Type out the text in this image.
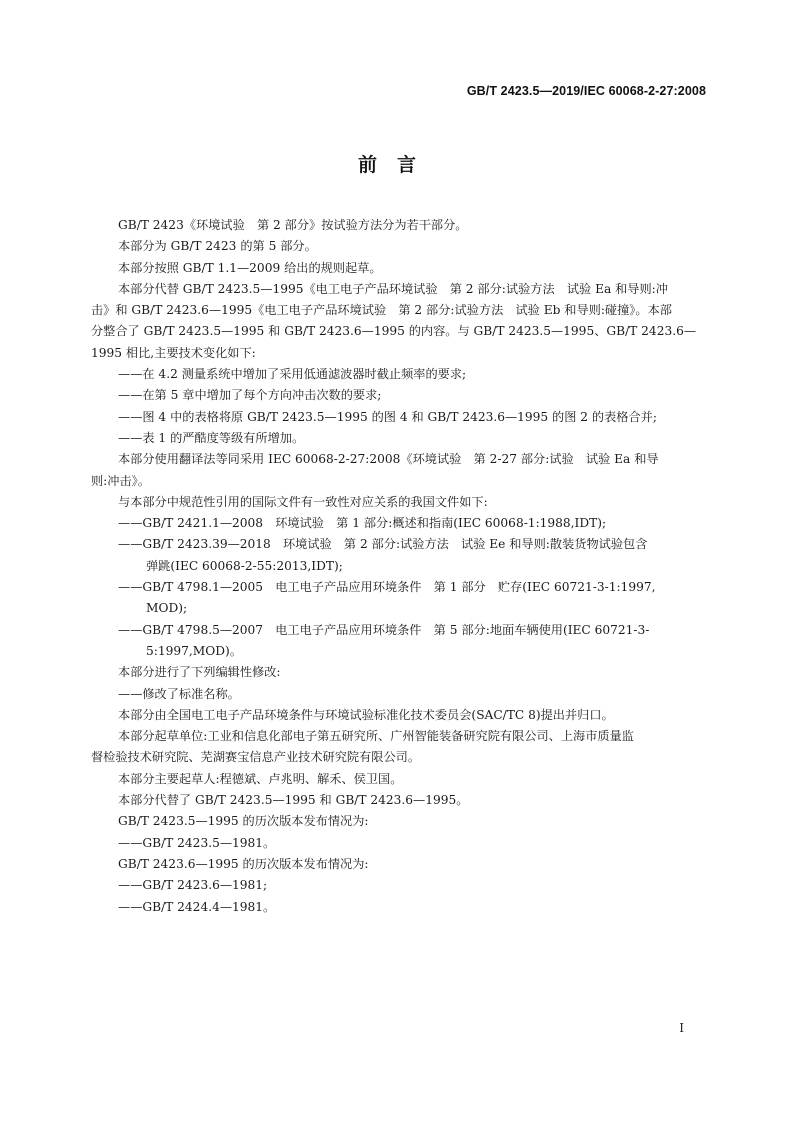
GB/T 2423.5—2019/IEC 60068-2-27:2008
前言
GB/T 2423《环境试验　第 2 部分》按试验方法分为若干部分。
本部分为 GB/T 2423 的第 5 部分。
本部分按照 GB/T 1.1—2009 给出的规则起草。
本部分代替 GB/T 2423.5—1995《电工电子产品环境试验　第 2 部分:试验方法　试验 Ea 和导则:冲
击》和 GB/T 2423.6—1995《电工电子产品环境试验　第 2 部分:试验方法　试验 Eb 和导则:碰撞》。本部
分整合了 GB/T 2423.5—1995 和 GB/T 2423.6—1995 的内容。与 GB/T 2423.5—1995、GB/T 2423.6—
1995 相比,主要技术变化如下:
——在 4.2 测量系统中增加了采用低通滤波器时截止频率的要求;
——在第 5 章中增加了每个方向冲击次数的要求;
——图 4 中的表格将原 GB/T 2423.5—1995 的图 4 和 GB/T 2423.6—1995 的图 2 的表格合并;
——表 1 的严酷度等级有所增加。
本部分使用翻译法等同采用 IEC 60068-2-27:2008《环境试验　第 2-27 部分:试验　试验 Ea 和导
则:冲击》。
与本部分中规范性引用的国际文件有一致性对应关系的我国文件如下:
——GB/T 2421.1—2008　环境试验　第 1 部分:概述和指南(IEC 60068-1:1988,IDT);
——GB/T 2423.39—2018　环境试验　第 2 部分:试验方法　试验 Ee 和导则:散装货物试验包含
弹跳(IEC 60068-2-55:2013,IDT);
——GB/T 4798.1—2005　电工电子产品应用环境条件　第 1 部分　贮存(IEC 60721-3-1:1997,
MOD);
——GB/T 4798.5—2007　电工电子产品应用环境条件　第 5 部分:地面车辆使用(IEC 60721-3-
5:1997,MOD)。
本部分进行了下列编辑性修改:
——修改了标准名称。
本部分由全国电工电子产品环境条件与环境试验标准化技术委员会(SAC/TC 8)提出并归口。
本部分起草单位:工业和信息化部电子第五研究所、广州智能装备研究院有限公司、上海市质量监
督检验技术研究院、芜湖赛宝信息产业技术研究院有限公司。
本部分主要起草人:程德斌、卢兆明、解禾、侯卫国。
本部分代替了 GB/T 2423.5—1995 和 GB/T 2423.6—1995。
GB/T 2423.5—1995 的历次版本发布情况为:
——GB/T 2423.5—1981。
GB/T 2423.6—1995 的历次版本发布情况为:
——GB/T 2423.6—1981;
——GB/T 2424.4—1981。
Ⅰ
